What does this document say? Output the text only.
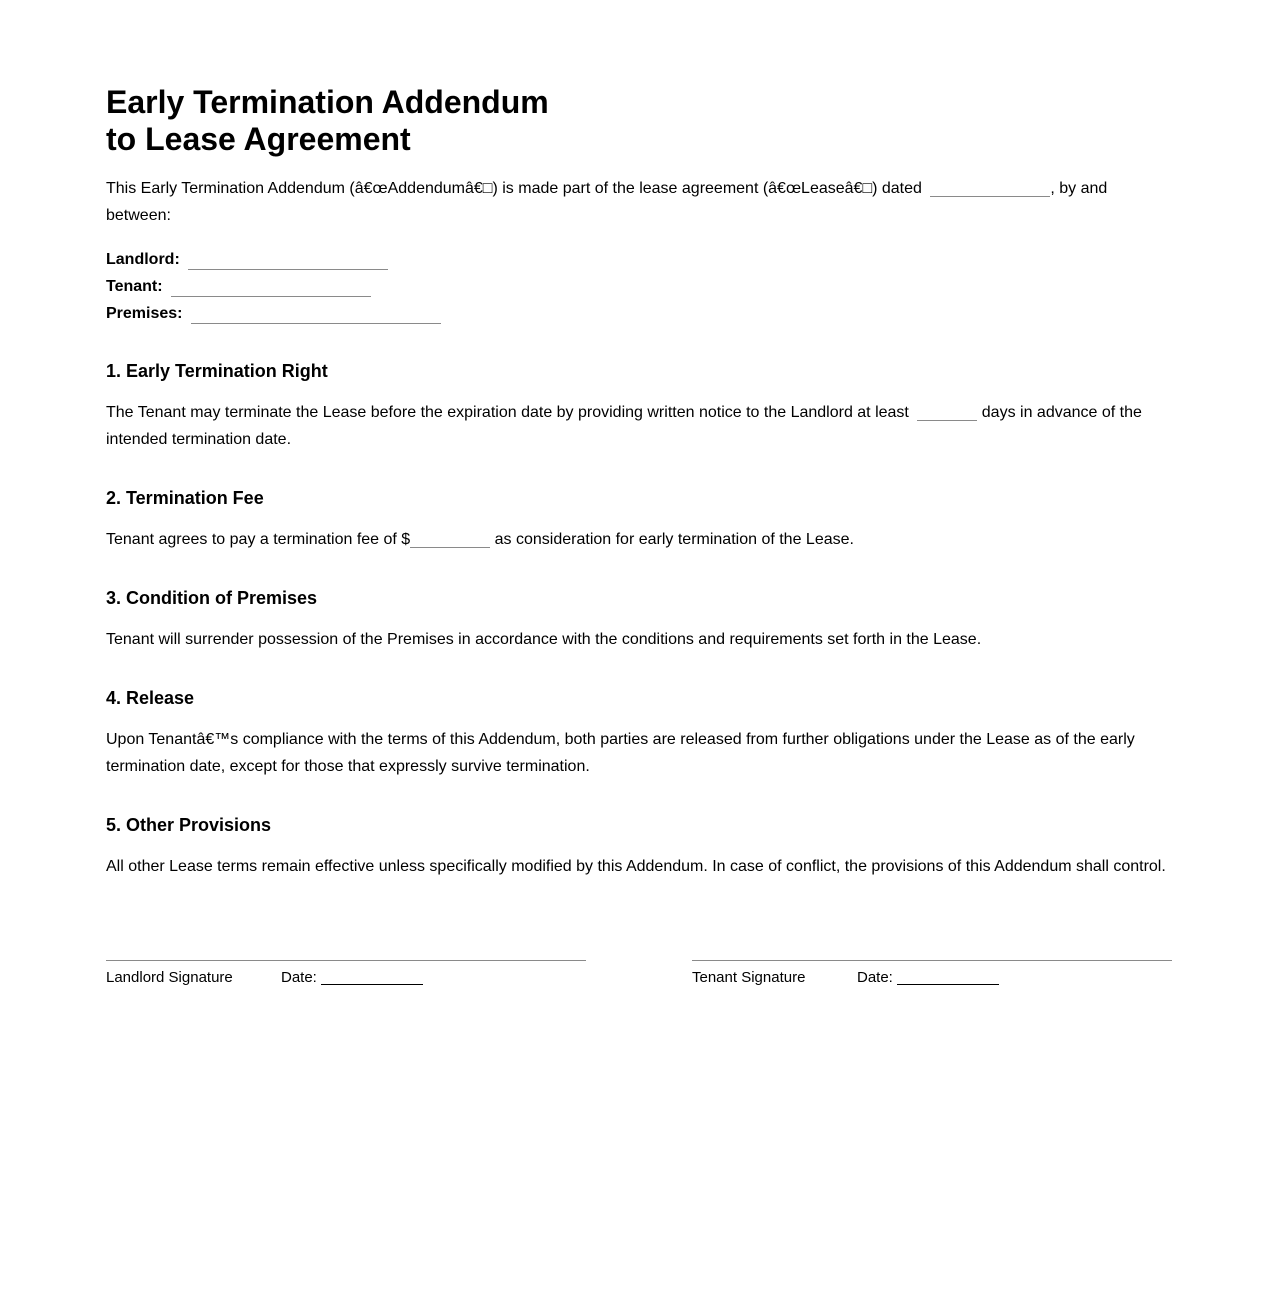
Early Termination Addendum
to Lease Agreement

This Early Termination Addendum (â€œAddendumâ€□) is made part of the lease agreement (â€œLeaseâ€□) dated	, by and between:

Landlord:
Tenant:
Premises:
1. Early Termination Right

The Tenant may terminate the Lease before the expiration date by providing written notice to the Landlord at least	days in advance of the intended termination date.

2. Termination Fee

Tenant agrees to pay a termination fee of $	as consideration for early termination of the Lease.

3. Condition of Premises

Tenant will surrender possession of the Premises in accordance with the conditions and requirements set forth in the Lease.

4. Release

Upon Tenantâ€™s compliance with the terms of this Addendum, both parties are released from further obligations under the Lease as of the early termination date, except for those that expressly survive termination.

5. Other Provisions

All other Lease terms remain effective unless specifically modified by this Addendum. In case of conflict, the provisions of this Addendum shall control.

Landlord Signature	Date:	Tenant Signature	Date:
